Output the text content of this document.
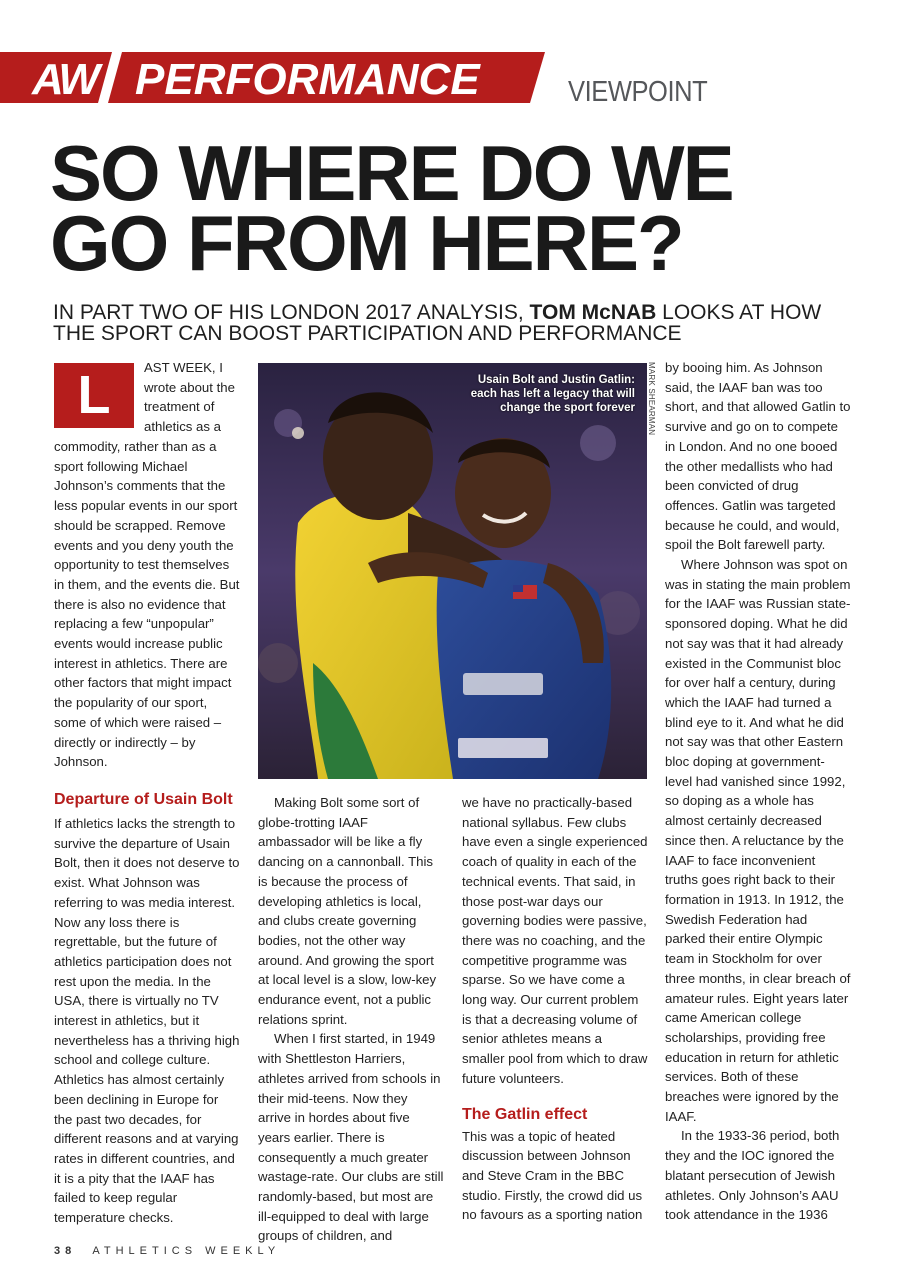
AW PERFORMANCE	VIEWPOINT
SO WHERE DO WE
GO FROM HERE?
IN PART TWO OF HIS LONDON 2017 ANALYSIS, TOM McNAB LOOKS AT HOW THE SPORT CAN BOOST PARTICIPATION AND PERFORMANCE
L	AST WEEK, I

wrote about the

treatment of

athletics as a

commodity, rather than as a sport following Michael Johnson’s comments that the less popular events in our sport should be scrapped. Remove events and you deny youth the opportunity to test themselves in them, and the events die. But there is also no evidence that replacing a few “unpopular” events would increase public interest in athletics. There are other factors that might impact the popularity of our sport, some of which were raised – directly or indirectly – by Johnson.

Departure of Usain Bolt

If athletics lacks the strength to survive the departure of Usain Bolt, then it does not deserve to exist. What Johnson was referring to was media interest. Now any loss there is regrettable, but the future of athletics participation does not rest upon the media. In the USA, there is virtually no TV interest in athletics, but it nevertheless has a thriving high school and college culture. Athletics has almost certainly been declining in Europe for the past two decades, for different reasons and at varying rates in different countries, and it is a pity that the IAAF has failed to keep regular temperature checks.

Usain Bolt and Justin Gatlin: each has left a legacy that will change the sport forever MARK SHEARMAN

Making Bolt some sort of globe-trotting IAAF ambassador will be like a fly dancing on a cannonball. This is because the process of developing athletics is local, and clubs create governing bodies, not the other way around. And growing the sport at local level is a slow, low-key endurance event, not a public relations sprint.

When I first started, in 1949 with Shettleston Harriers, athletes arrived from schools in their mid-teens. Now they arrive in hordes about five years earlier. There is consequently a much greater wastage-rate. Our clubs are still randomly-based, but most are ill-equipped to deal with large groups of children, and

we have no practically-based national syllabus. Few clubs have even a single experienced coach of quality in each of the technical events. That said, in those post-war days our governing bodies were passive, there was no coaching, and the competitive programme was sparse. So we have come a long way. Our current problem is that a decreasing volume of senior athletes means a smaller pool from which to draw future volunteers.

The Gatlin effect

This was a topic of heated discussion between Johnson and Steve Cram in the BBC studio. Firstly, the crowd did us no favours as a sporting nation

by booing him. As Johnson said, the IAAF ban was too short, and that allowed Gatlin to survive and go on to compete in London. And no one booed the other medallists who had been convicted of drug offences. Gatlin was targeted because he could, and would, spoil the Bolt farewell party.

Where Johnson was spot on was in stating the main problem for the IAAF was Russian state-sponsored doping. What he did not say was that it had already existed in the Communist bloc for over half a century, during which the IAAF had turned a blind eye to it. And what he did not say was that other Eastern bloc doping at government-level had vanished since 1992, so doping as a whole has almost certainly decreased since then. A reluctance by the IAAF to face inconvenient truths goes right back to their formation in 1913. In 1912, the Swedish Federation had parked their entire Olympic team in Stockholm for over three months, in clear breach of amateur rules. Eight years later came American college scholarships, providing free education in return for athletic services. Both of these breaches were ignored by the IAAF.

In the 1933-36 period, both they and the IOC ignored the blatant persecution of Jewish athletes. Only Johnson’s AAU took attendance in the 1936

38 ATHLETICS WEEKLY
